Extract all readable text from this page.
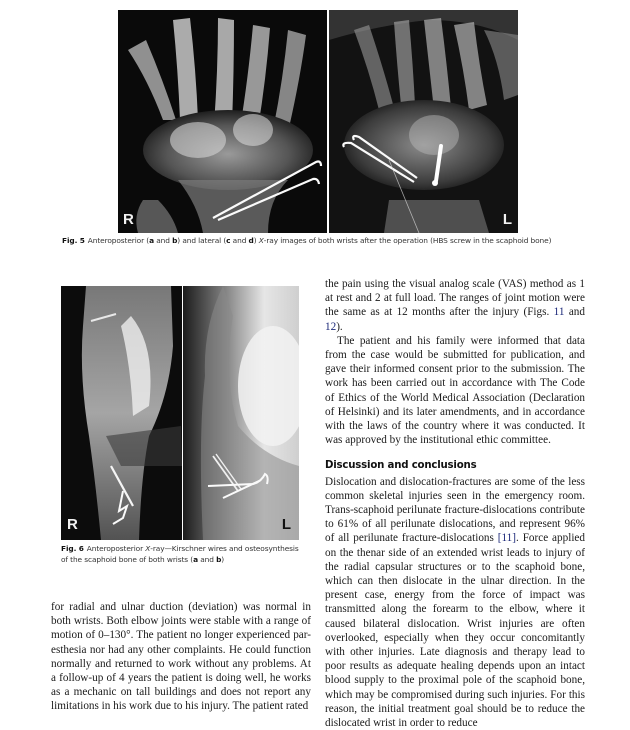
R	L
Fig. 5 Anteroposterior (a and b) and lateral (c and d) X-ray images of both wrists after the operation (HBS screw in the scaphoid bone)
R	L
Fig. 6 Anteroposterior X-ray—Kirschner wires and osteosynthesis
of the scaphoid bone of both wrists (a and b)

for radial and ulnar duction (deviation) was normal in both wrists. Both elbow joints were stable with a range of motion of 0–130°. The patient no longer experienced par-esthesia nor had any other complaints. He could function normally and returned to work without any problems. At a follow-up of 4 years the patient is doing well, he works as a mechanic on tall buildings and does not report any limitations in his work due to his injury. The patient rated

the pain using the visual analog scale (VAS) method as 1 at rest and 2 at full load. The ranges of joint motion were the same as at 12 months after the injury (Figs. 11 and 12).

The patient and his family were informed that data from the case would be submitted for publication, and gave their informed consent prior to the submission. The work has been carried out in accordance with The Code of Ethics of the World Medical Association (Declaration of Helsinki) and its later amendments, and in accordance with the laws of the country where it was conducted. It was approved by the institutional ethic committee.

Discussion and conclusions

Dislocation and dislocation-fractures are some of the less common skeletal injuries seen in the emergency room. Trans-scaphoid perilunate fracture-dislocations contribute to 61% of all perilunate dislocations, and represent 96% of all perilunate fracture-dislocations [11]. Force applied on the thenar side of an extended wrist leads to injury of the radial capsular structures or to the scaphoid bone, which can then dislocate in the ulnar direction. In the present case, energy from the force of impact was transmitted along the forearm to the elbow, where it caused bilateral dislocation. Wrist injuries are often overlooked, especially when they occur concomitantly with other injuries. Late diagnosis and therapy lead to poor results as adequate healing depends upon an intact blood supply to the proximal pole of the scaphoid bone, which may be compromised during such injuries. For this reason, the initial treatment goal should be to reduce the dislocated wrist in order to reduce
